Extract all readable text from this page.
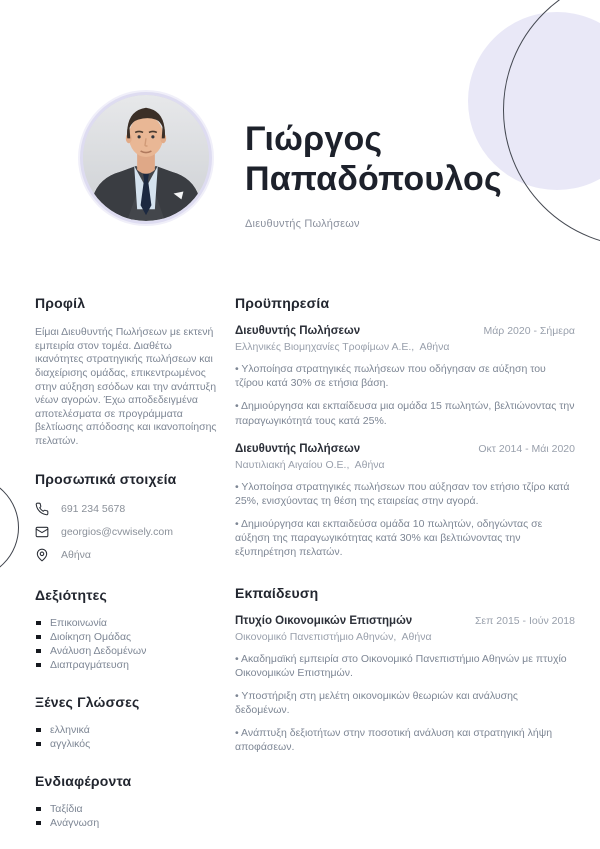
Γιώργος
Παπαδόπουλος
Διευθυντής Πωλήσεων
Προφίλ

Είμαι Διευθυντής Πωλήσεων με εκτενή εμπειρία στον τομέα. Διαθέτω ικανότητες στρατηγικής πωλήσεων και διαχείρισης ομάδας, επικεντρωμένος στην αύξηση εσόδων και την ανάπτυξη νέων αγορών. Έχω αποδεδειγμένα αποτελέσματα σε προγράμματα βελτίωσης απόδοσης και ικανοποίησης πελατών.

Προσωπικά στοιχεία
691 234 5678
georgios@cvwisely.com
Αθήνα
Δεξιότητες
Επικοινωνία
Διοίκηση Ομάδας
Ανάλυση Δεδομένων
Διαπραγμάτευση
Ξένες Γλώσσες
ελληνικά
αγγλικός
Ενδιαφέροντα
Ταξίδια
Ανάγνωση
Προϋπηρεσία
Διευθυντής Πωλήσεων	Μάρ 2020 - Σήμερα
Ελληνικές Βιομηχανίες Τροφίμων Α.Ε.,  Αθήνα

• Υλοποίησα στρατηγικές πωλήσεων που οδήγησαν σε αύξηση του τζίρου κατά 30% σε ετήσια βάση.

• Δημιούργησα και εκπαίδευσα μια ομάδα 15 πωλητών, βελτιώνοντας την παραγωγικότητά τους κατά 25%.

Διευθυντής Πωλήσεων	Οκτ 2014 - Μάι 2020
Ναυτιλιακή Αιγαίου Ο.Ε.,  Αθήνα

• Υλοποίησα στρατηγικές πωλήσεων που αύξησαν τον ετήσιο τζίρο κατά 25%, ενισχύοντας τη θέση της εταιρείας στην αγορά.

• Δημιούργησα και εκπαιδεύσα ομάδα 10 πωλητών, οδηγώντας σε αύξηση της παραγωγικότητας κατά 30% και βελτιώνοντας την εξυπηρέτηση πελατών.

Εκπαίδευση
Πτυχίο Οικονομικών Επιστημών	Σεπ 2015 - Ιούν 2018
Οικονομικό Πανεπιστήμιο Αθηνών,  Αθήνα

• Ακαδημαϊκή εμπειρία στο Οικονομικό Πανεπιστήμιο Αθηνών με πτυχίο Οικονομικών Επιστημών.

• Υποστήριξη στη μελέτη οικονομικών θεωριών και ανάλυσης δεδομένων.

• Ανάπτυξη δεξιοτήτων στην ποσοτική ανάλυση και στρατηγική λήψη αποφάσεων.
